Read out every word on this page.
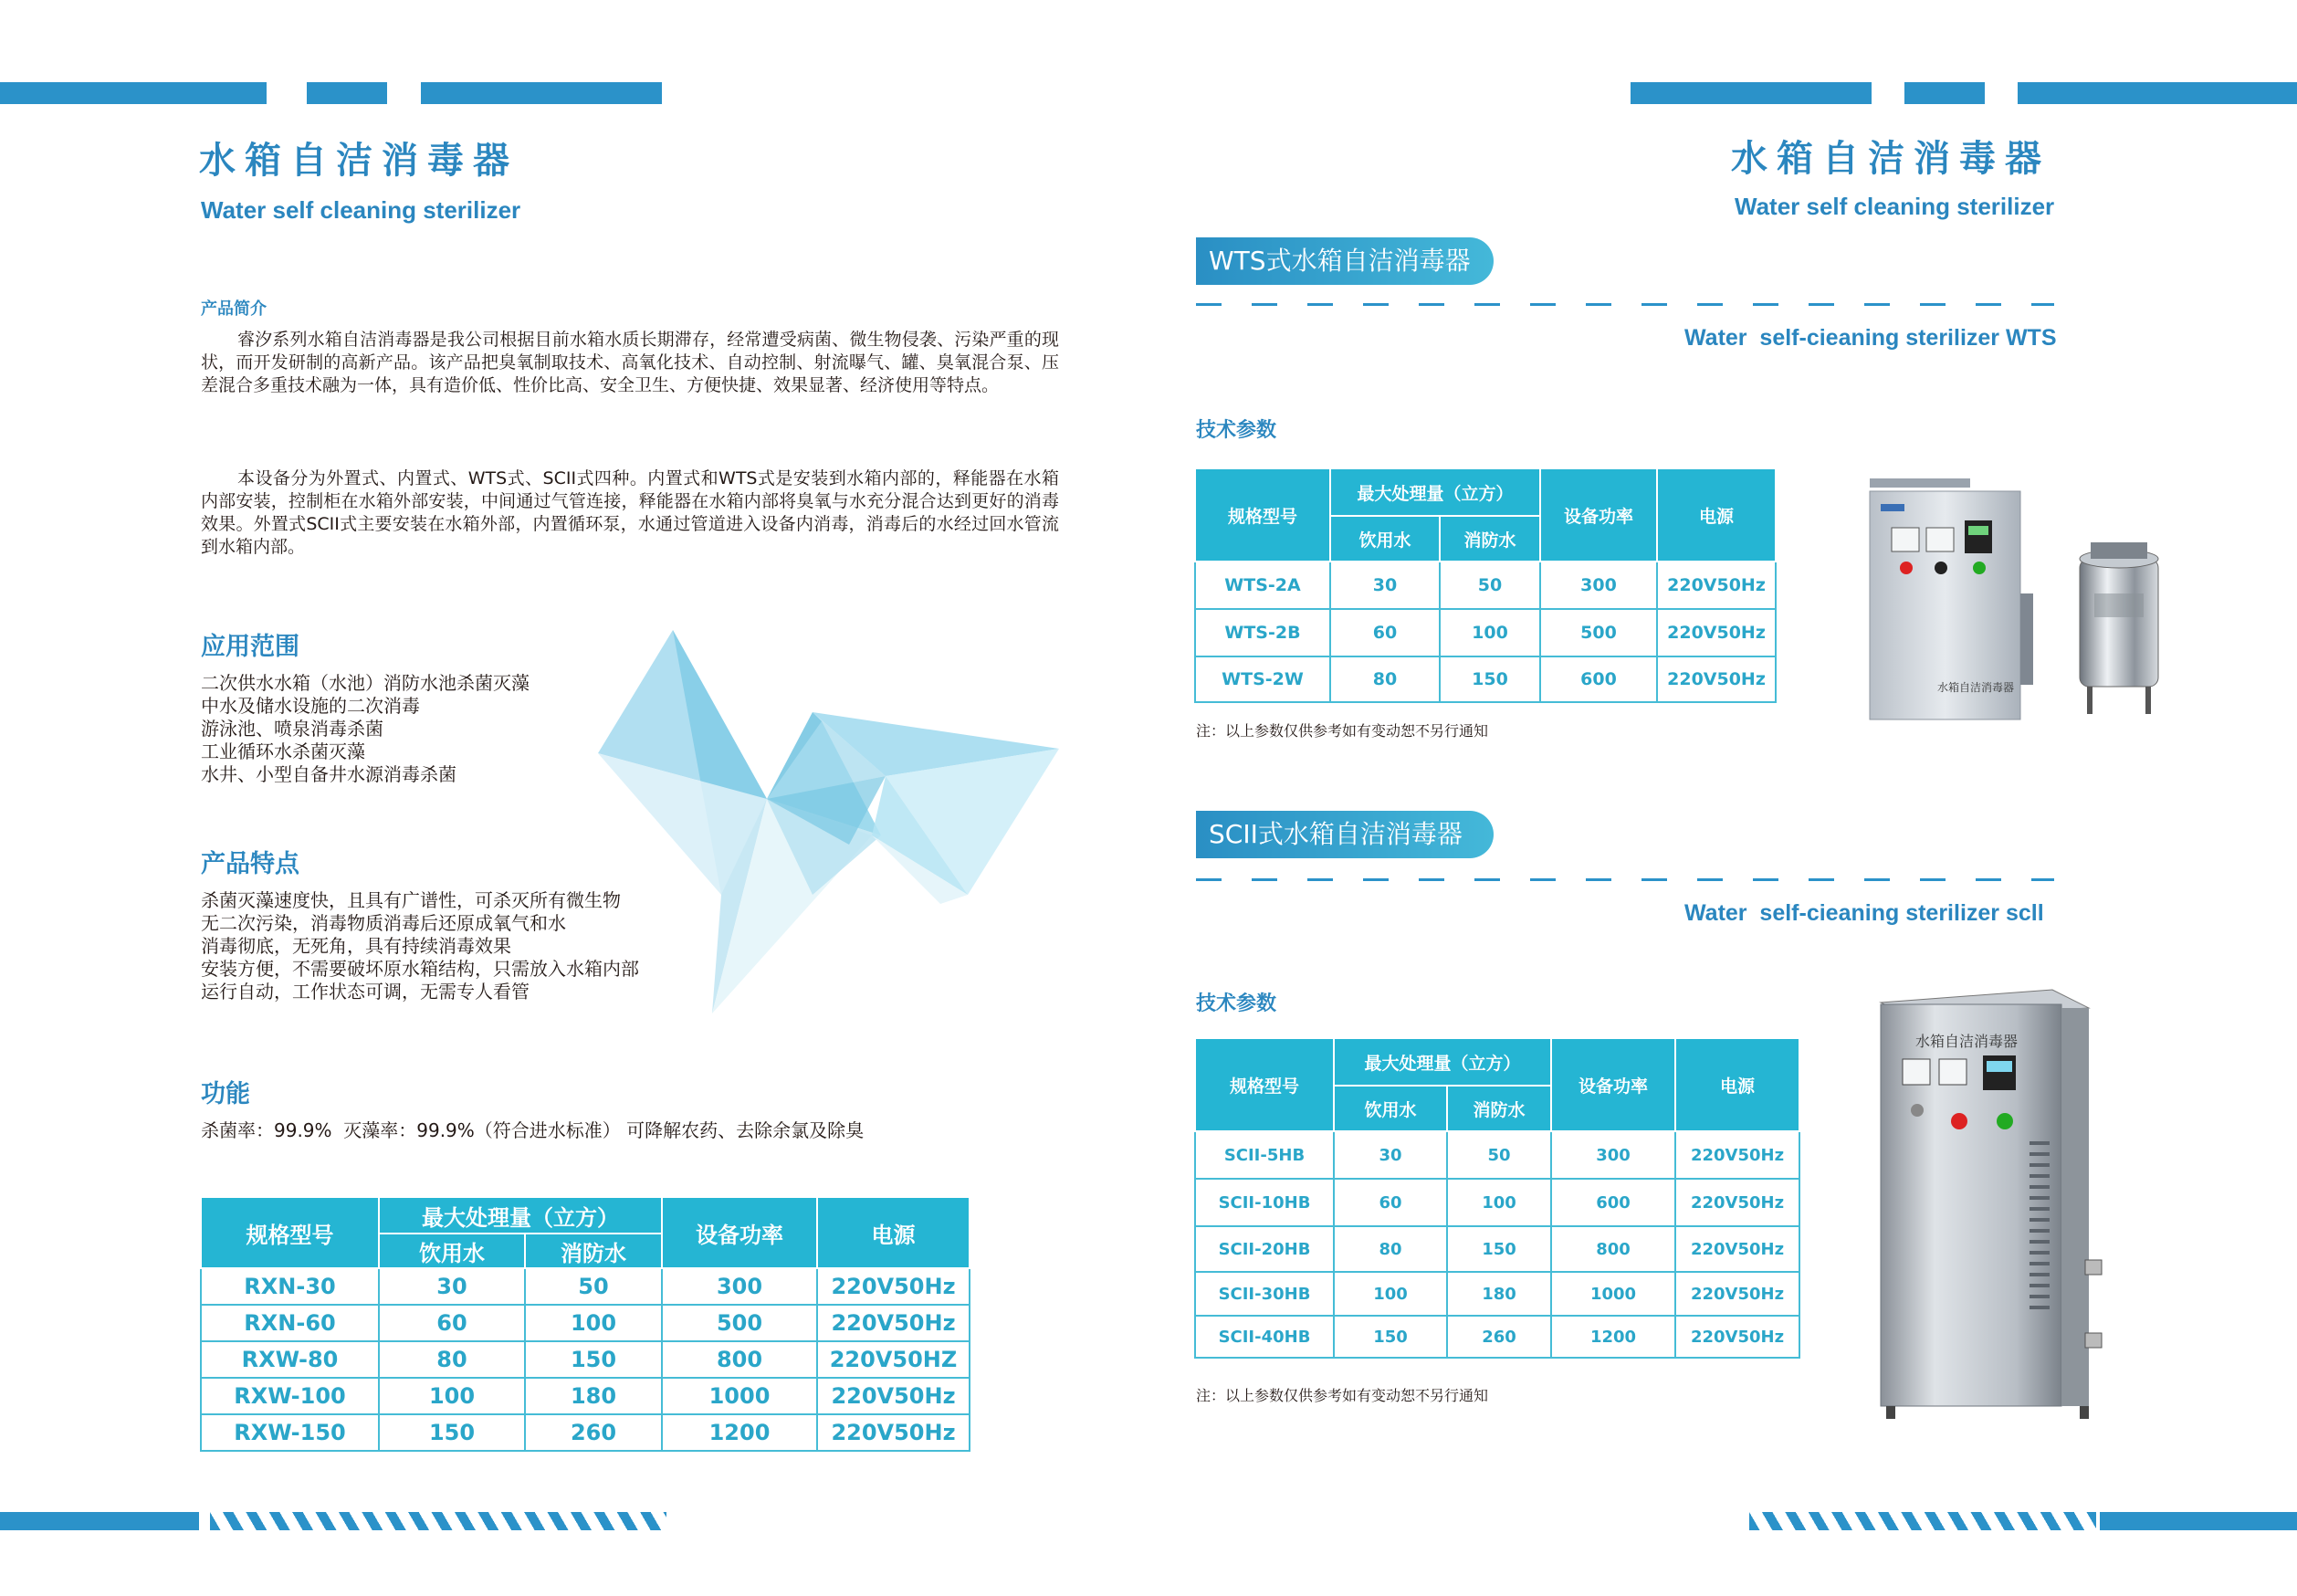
水箱自洁消毒器
Water self cleaning sterilizer
产品简介
睿汐系列水箱自洁消毒器是我公司根据目前水箱水质长期滞存，经常遭受病菌、微生物侵袭、污染严重的现状，而开发研制的高新产品。该产品把臭氧制取技术、高氧化技术、自动控制、射流曝气、罐、臭氧混合泵、压差混合多重技术融为一体，具有造价低、性价比高、安全卫生、方便快捷、效果显著、经济使用等特点。
本设备分为外置式、内置式、WTS式、SCII式四种。内置式和WTS式是安装到水箱内部的，释能器在水箱内部安装，控制柜在水箱外部安装，中间通过气管连接，释能器在水箱内部将臭氧与水充分混合达到更好的消毒效果。外置式SCII式主要安装在水箱外部，内置循环泵，水通过管道进入设备内消毒，消毒后的水经过回水管流到水箱内部。
应用范围
二次供水水箱（水池）消防水池杀菌灭藻
中水及储水设施的二次消毒
游泳池、喷泉消毒杀菌
工业循环水杀菌灭藻
水井、小型自备井水源消毒杀菌
产品特点
杀菌灭藻速度快，且具有广谱性，可杀灭所有微生物
无二次污染，消毒物质消毒后还原成氧气和水
消毒彻底，无死角，具有持续消毒效果
安装方便，不需要破坏原水箱结构，只需放入水箱内部
运行自动，工作状态可调，无需专人看管
功能
杀菌率：99.9%  灭藻率：99.9%（符合进水标准） 可降解农药、去除余氯及除臭
规格型号	最大处理量（立方）		设备功率	电源
	饮用水	消防水		
RXN-30	30	50	300	220V50Hz
RXN-60	60	100	500	220V50Hz
RXW-80	80	150	800	220V50HZ
RXW-100	100	180	1000	220V50Hz
RXW-150	150	260	1200	220V50Hz
水箱自洁消毒器
Water self cleaning sterilizer
WTS式水箱自洁消毒器
Water  self-cieaning sterilizer WTS
技术参数
规格型号	最大处理量（立方）		设备功率	电源
	饮用水	消防水		
WTS-2A	30	50	300	220V50Hz
WTS-2B	60	100	500	220V50Hz
WTS-2W	80	150	600	220V50Hz
注：以上参数仅供参考如有变动恕不另行通知
水箱自洁消毒器
SCII式水箱自洁消毒器
Water  self-cieaning sterilizer scll
技术参数
规格型号	最大处理量（立方）		设备功率	电源
	饮用水	消防水		
SCII-5HB	30	50	300	220V50Hz
SCII-10HB	60	100	600	220V50Hz
SCII-20HB	80	150	800	220V50Hz
SCII-30HB	100	180	1000	220V50Hz
SCII-40HB	150	260	1200	220V50Hz
注：以上参数仅供参考如有变动恕不另行通知
水箱自洁消毒器
